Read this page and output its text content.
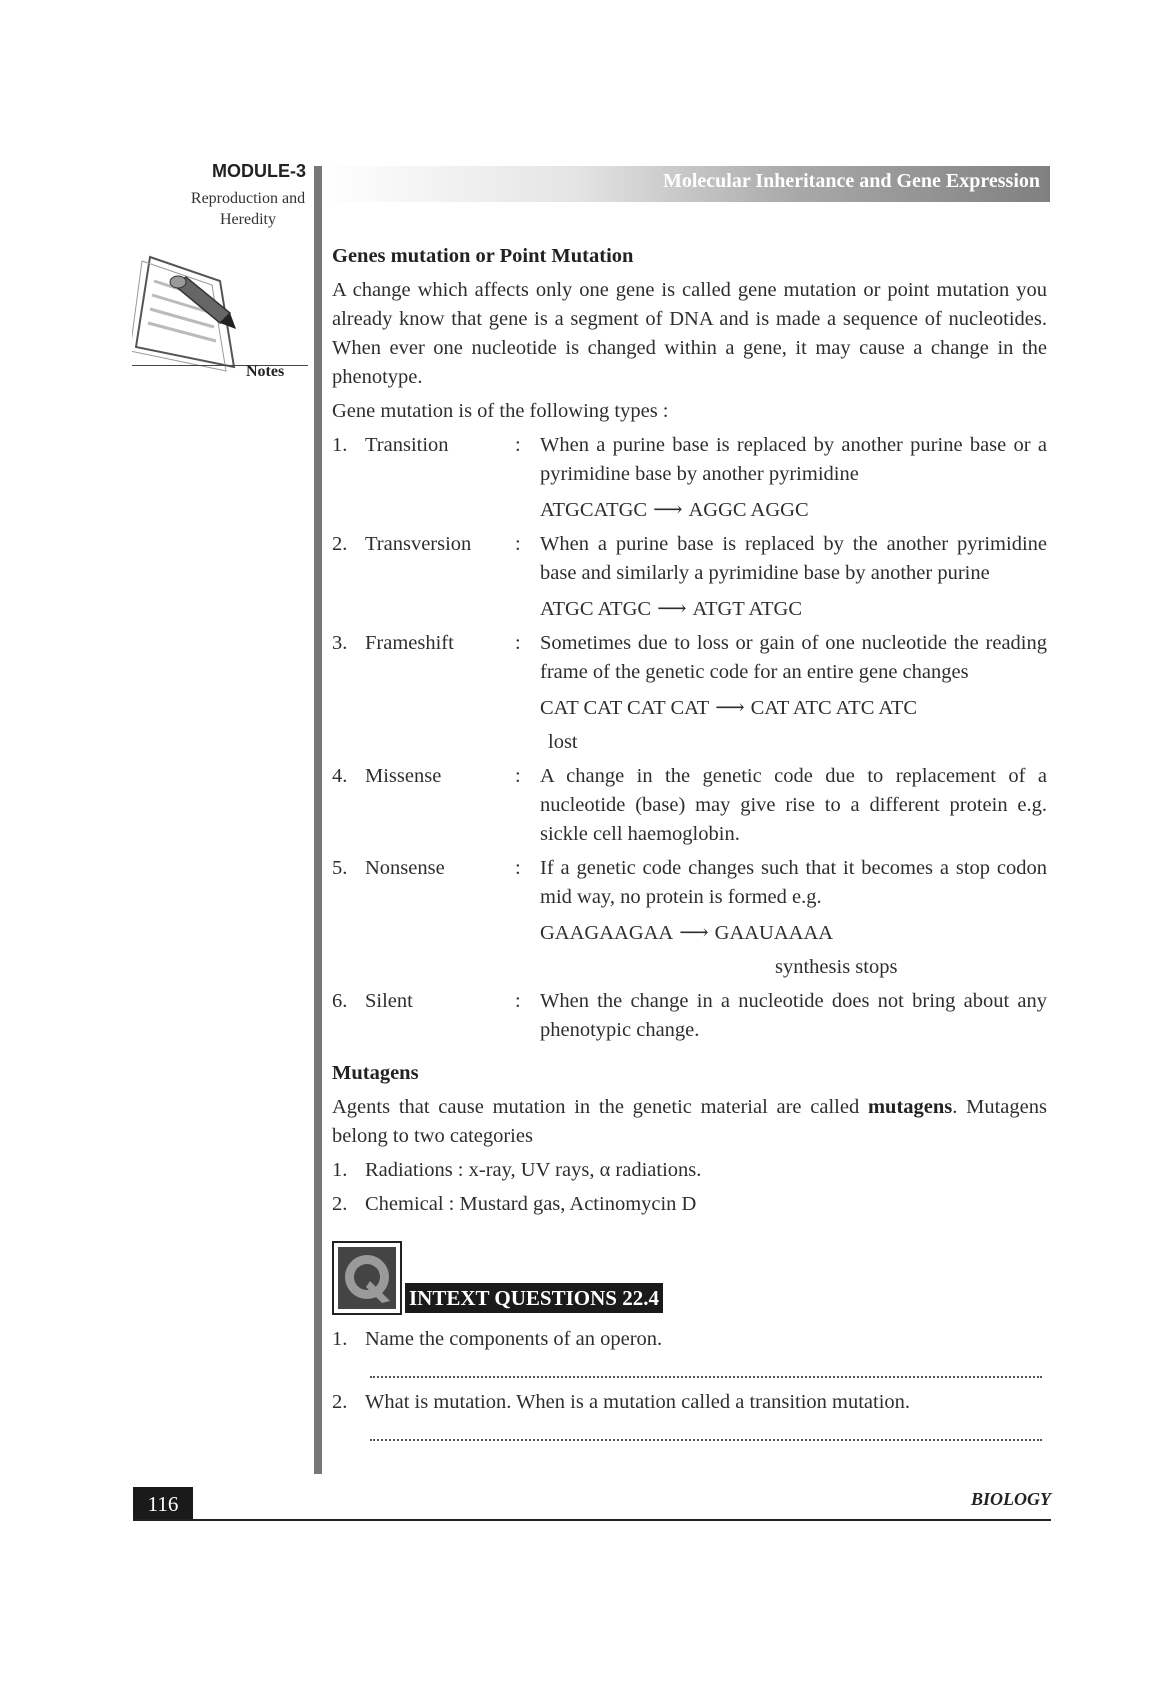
MODULE-3
Reproduction and
Heredity
Notes
Molecular Inheritance and Gene Expression
Genes mutation or Point Mutation

A change which affects only one gene is called gene mutation or point mutation you already know that gene is a segment of DNA and is made a sequence of nucleotides. When ever one nucleotide is changed within a gene, it may cause a change in the phenotype.

Gene mutation is of the following types :

1. Transition	: When a purine base is replaced by another purine base or a pyrimidine base by another pyrimidine
ATGCATGC ⟶ AGGC AGGC
2. Transversion	: When a purine base is replaced by the another pyrimidine base and similarly a pyrimidine base by another purine
ATGC ATGC ⟶ ATGT ATGC
3. Frameshift	: Sometimes due to loss or gain of one nucleotide the reading frame of the genetic code for an entire gene changes
CAT CAT CAT CAT ⟶ CAT ATC ATC ATC
lost
4. Missense	: A change in the genetic code due to replacement of a nucleotide (base) may give rise to a different protein e.g. sickle cell haemoglobin.
5. Nonsense	: If a genetic code changes such that it becomes a stop codon mid way, no protein is formed e.g.
GAAGAAGAA ⟶ GAAUAAAA
synthesis stops
6. Silent	: When the change in a nucleotide does not bring about any phenotypic change.
Mutagens

Agents that cause mutation in the genetic material are called mutagens. Mutagens belong to two categories

1. Radiations : x-ray, UV rays, α radiations.
2. Chemical : Mustard gas, Actinomycin D
INTEXT QUESTIONS 22.4
1. Name the components of an operon.
2. What is mutation. When is a mutation called a transition mutation.
116	BIOLOGY
